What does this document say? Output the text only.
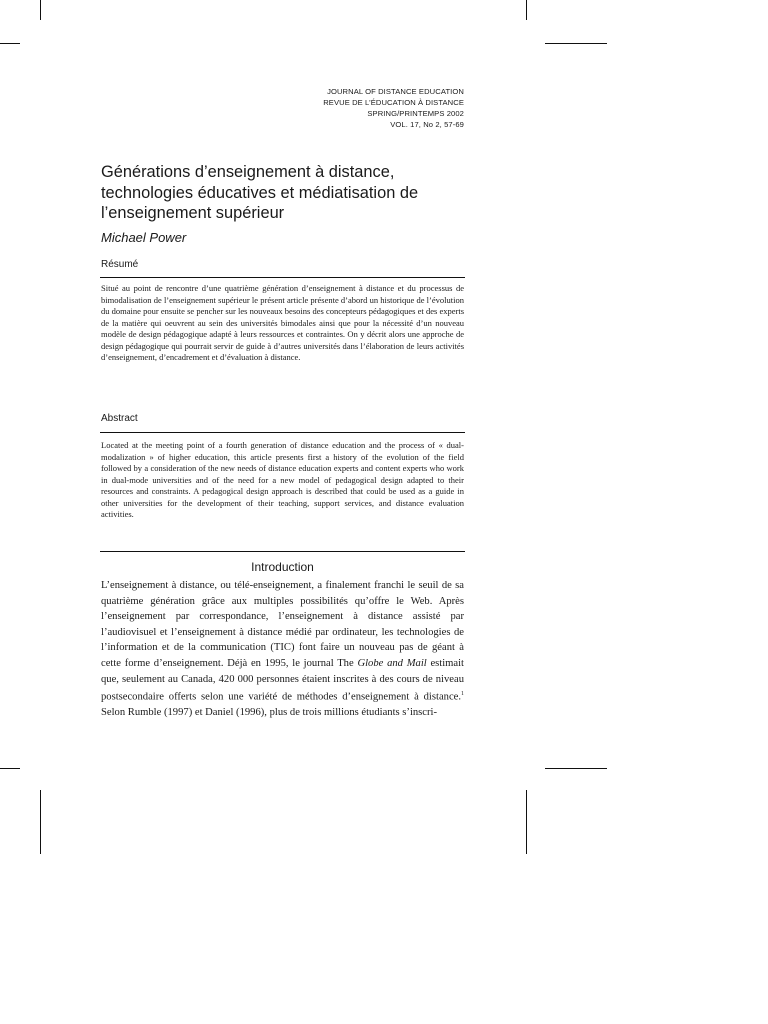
JOURNAL OF DISTANCE EDUCATION
REVUE DE L’ÉDUCATION À DISTANCE
SPRING/PRINTEMPS 2002
VOL. 17, No 2, 57-69
Générations d’enseignement à distance, technologies éducatives et médiatisation de l’enseignement supérieur

Michael Power

Résumé

Situé au point de rencontre d’une quatrième génération d’enseignement à distance et du processus de bimodalisation de l’enseignement supérieur le présent article présente d’abord un historique de l’évolution du domaine pour ensuite se pencher sur les nouveaux besoins des concepteurs pédagogiques et des experts de la matière qui oeuvrent au sein des universités bimodales ainsi que pour la nécessité d’un nouveau modèle de design pédagogique adapté à leurs ressources et contraintes. On y décrit alors une approche de design pédagogique qui pourrait servir de guide à d’autres universités dans l’élaboration de leurs activités d’enseignement, d’encadrement et d’évaluation à distance.

Abstract

Located at the meeting point of a fourth generation of distance education and the process of « dual-modalization » of higher education, this article presents first a history of the evolution of the field followed by a consideration of the new needs of distance education experts and content experts who work in dual-mode universities and of the need for a new model of pedagogical design adapted to their resources and constraints. A pedagogical design approach is described that could be used as a guide in other universities for the development of their teaching, support services, and distance evaluation activities.

Introduction

L’enseignement à distance, ou télé-enseignement, a finalement franchi le seuil de sa quatrième génération grâce aux multiples possibilités qu’offre le Web. Après l’enseignement par correspondance, l’enseignement à distance assisté par l’audiovisuel et l’enseignement à distance médié par ordinateur, les technologies de l’information et de la communication (TIC) font faire un nouveau pas de géant à cette forme d’enseignement. Déjà en 1995, le journal The Globe and Mail estimait que, seulement au Canada, 420 000 personnes étaient inscrites à des cours de niveau postsecondaire offerts selon une variété de méthodes d’enseignement à distance.$^1$ Selon Rumble (1997) et Daniel (1996), plus de trois millions étudiants s’inscri-
